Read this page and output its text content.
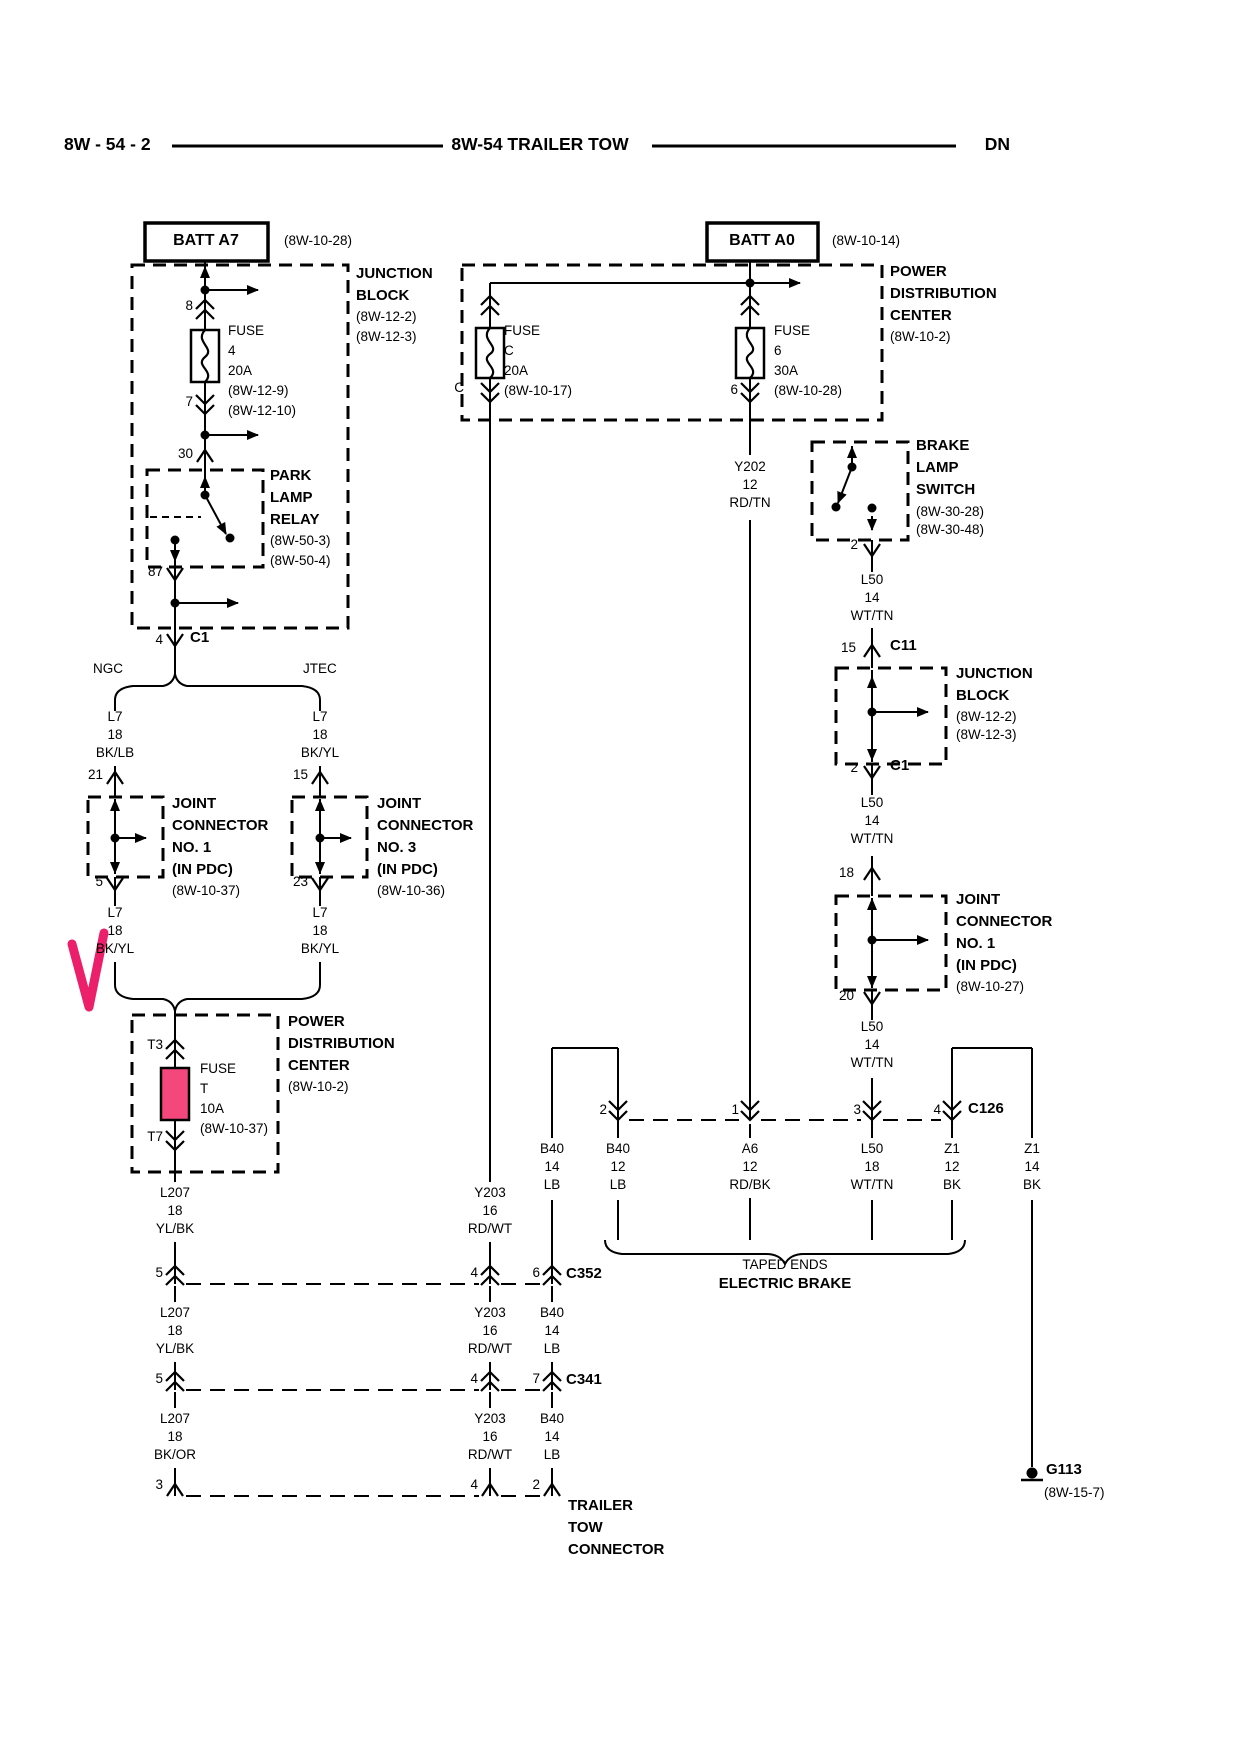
8W - 54 - 2	8W-54 TRAILER TOW	DN
BATT A7	(8W-10-28)	BATT A0	(8W-10-14)
JUNCTION
BLOCK
(8W-12-2)
(8W-12-3)
8
FUSE
4
20A
(8W-12-9)
(8W-12-10)
7
30
PARK
LAMP
RELAY
(8W-50-3)
(8W-50-4)
87
4 C1
NGC	JTEC
L7
18
BK/LB
L7
18
BK/YL
21
JOINT
CONNECTOR
NO. 1
(IN PDC)
(8W-10-37)
5
15
JOINT
CONNECTOR
NO. 3
(IN PDC)
(8W-10-36)
23
L7
18
BK/YL
L7
18
BK/YL
POWER
DISTRIBUTION
CENTER
(8W-10-2)
T3
FUSE
T
10A
(8W-10-37)
T7
L207
18
YL/BK
POWER
DISTRIBUTION
CENTER
(8W-10-2)
FUSE
C
20A
(8W-10-17)
C
FUSE
6
30A
(8W-10-28)
6
Y202
12
RD/TN
BRAKE
LAMP
SWITCH
(8W-30-28)
(8W-30-48)
2
L50
14
WT/TN
15 C11
JUNCTION
BLOCK
(8W-12-2)
(8W-12-3)
2 C1
L50
14
WT/TN
18
JOINT
CONNECTOR
NO. 1
(IN PDC)
(8W-10-27)
20
L50
14
WT/TN
2	1	3	4 C126
B40
14
LB
B40
12
LB
A6
12
RD/BK
L50
18
WT/TN
Z1
12
BK
Z1
14
BK
TAPED ENDS
ELECTRIC BRAKE
5	4	6 C352
Y203
16
RD/WT
L207
18
YL/BK
Y203
16
RD/WT
B40
14
LB
5	4	7 C341
L207
18
BK/OR
Y203
16
RD/WT
B40
14
LB
3	4	2
TRAILER
TOW
CONNECTOR
G113
(8W-15-7)
